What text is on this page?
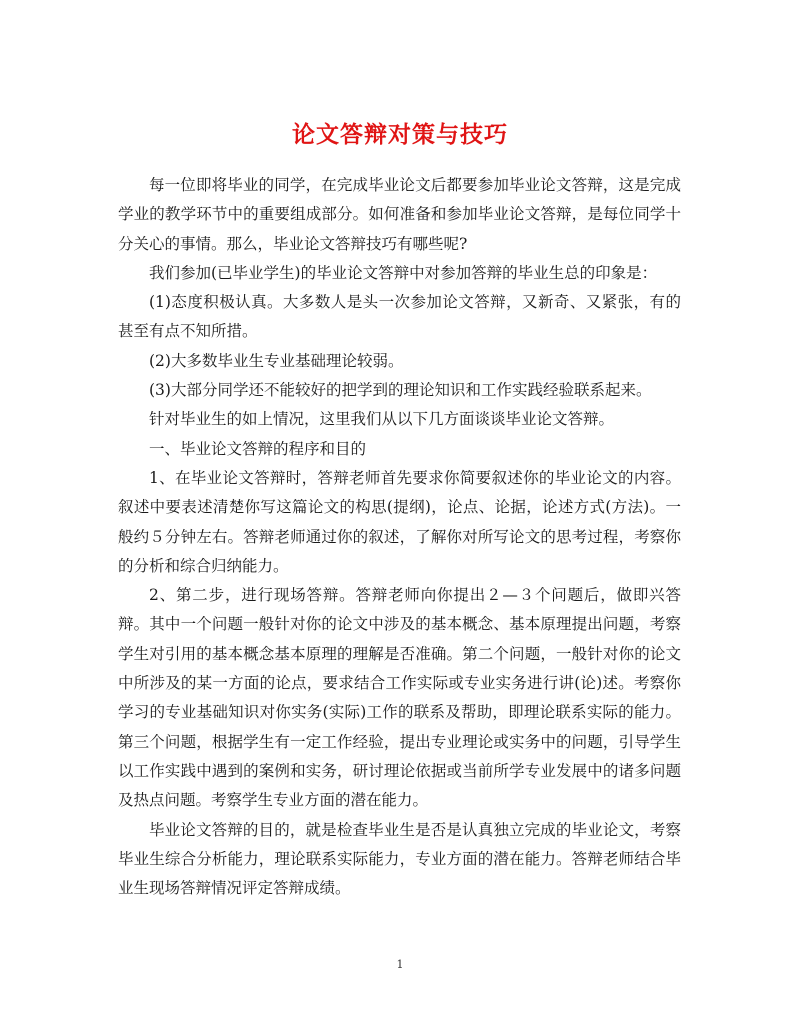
论文答辩对策与技巧

每一位即将毕业的同学，在完成毕业论文后都要参加毕业论文答辩，这是完成学业的教学环节中的重要组成部分。如何准备和参加毕业论文答辩，是每位同学十分关心的事情。那么，毕业论文答辩技巧有哪些呢?

我们参加(已毕业学生)的毕业论文答辩中对参加答辩的毕业生总的印象是：

(1)态度积极认真。大多数人是头一次参加论文答辩，又新奇、又紧张，有的甚至有点不知所措。

(2)大多数毕业生专业基础理论较弱。

(3)大部分同学还不能较好的把学到的理论知识和工作实践经验联系起来。

针对毕业生的如上情况，这里我们从以下几方面谈谈毕业论文答辩。

一、毕业论文答辩的程序和目的

1、在毕业论文答辩时，答辩老师首先要求你简要叙述你的毕业论文的内容。叙述中要表述清楚你写这篇论文的构思(提纲)，论点、论据，论述方式(方法)。一般约５分钟左右。答辩老师通过你的叙述，了解你对所写论文的思考过程，考察你的分析和综合归纳能力。

2、第二步，进行现场答辩。答辩老师向你提出２—３个问题后，做即兴答辩。其中一个问题一般针对你的论文中涉及的基本概念、基本原理提出问题，考察学生对引用的基本概念基本原理的理解是否准确。第二个问题，一般针对你的论文中所涉及的某一方面的论点，要求结合工作实际或专业实务进行讲(论)述。考察你学习的专业基础知识对你实务(实际)工作的联系及帮助，即理论联系实际的能力。第三个问题，根据学生有一定工作经验，提出专业理论或实务中的问题，引导学生以工作实践中遇到的案例和实务，研讨理论依据或当前所学专业发展中的诸多问题及热点问题。考察学生专业方面的潜在能力。

毕业论文答辩的目的，就是检查毕业生是否是认真独立完成的毕业论文，考察毕业生综合分析能力，理论联系实际能力，专业方面的潜在能力。答辩老师结合毕业生现场答辩情况评定答辩成绩。

1
